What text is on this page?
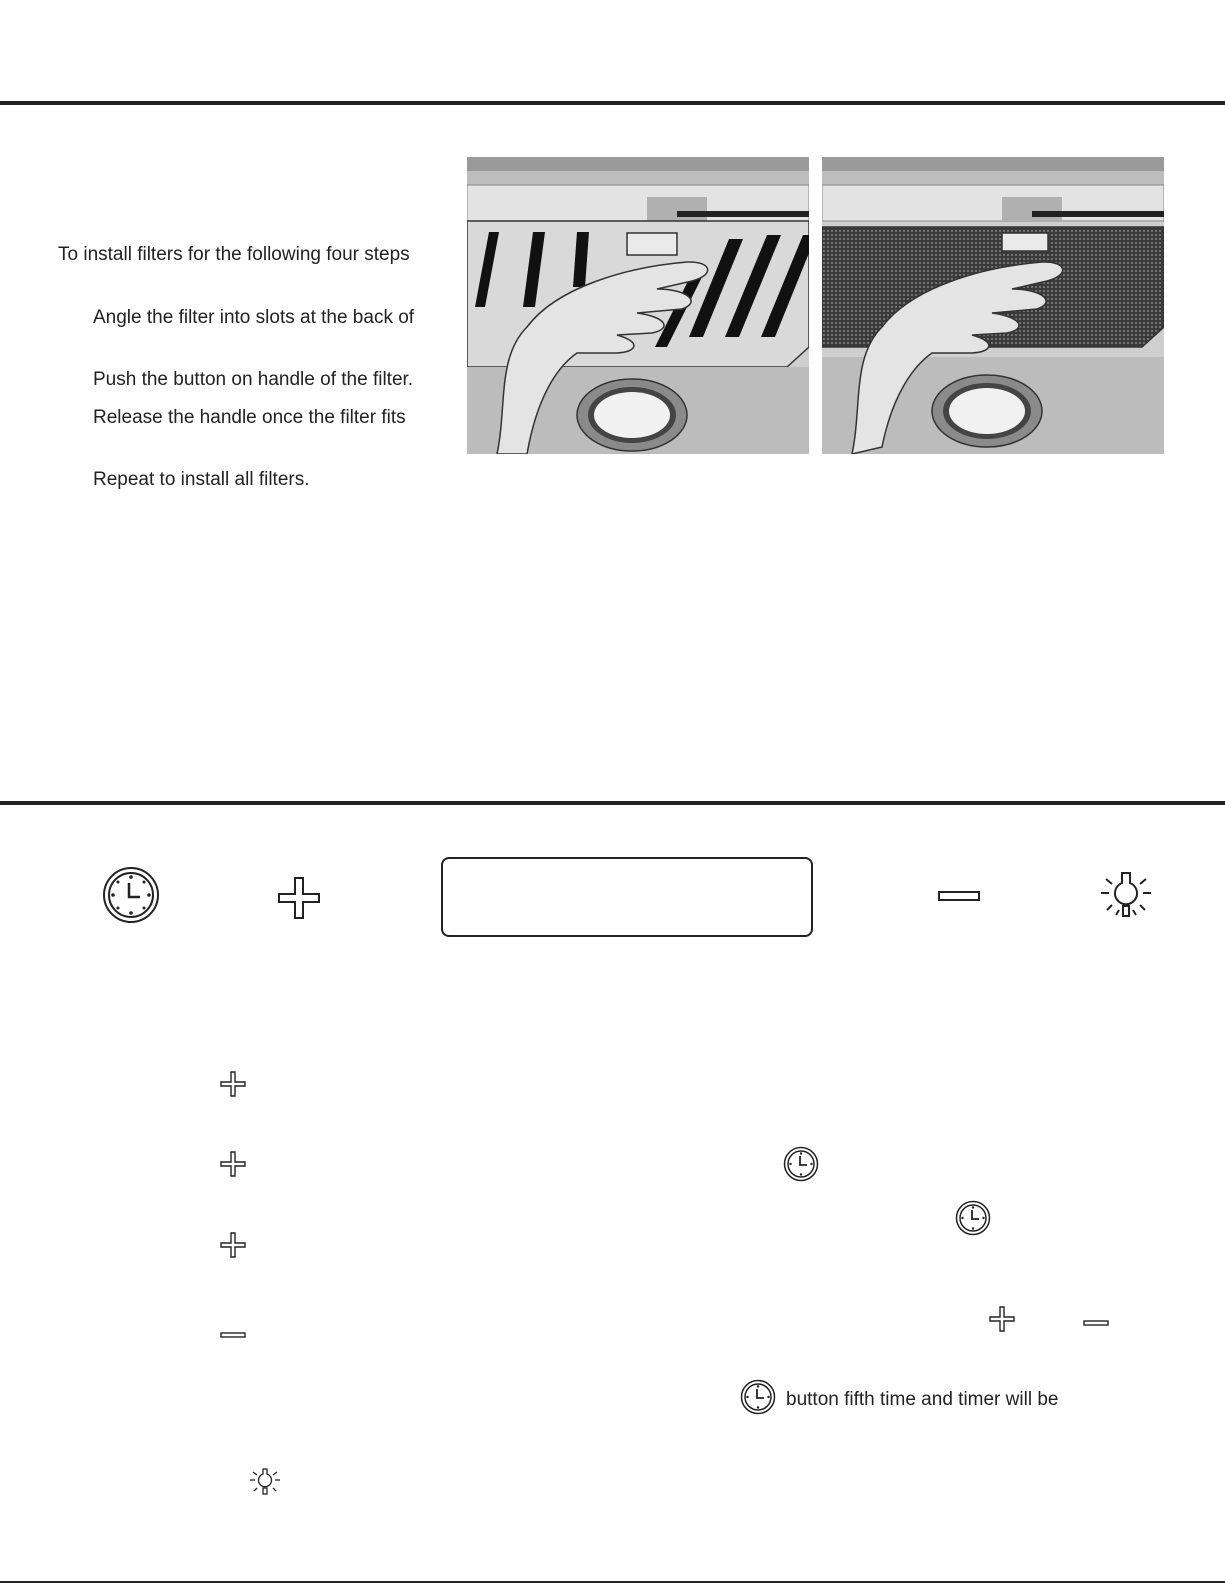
To install filters for the following four steps
Angle the filter into slots at the back of
Push the button on handle of the filter.
Release the handle once the filter fits
Repeat to install all filters.
button fifth time and timer will be
